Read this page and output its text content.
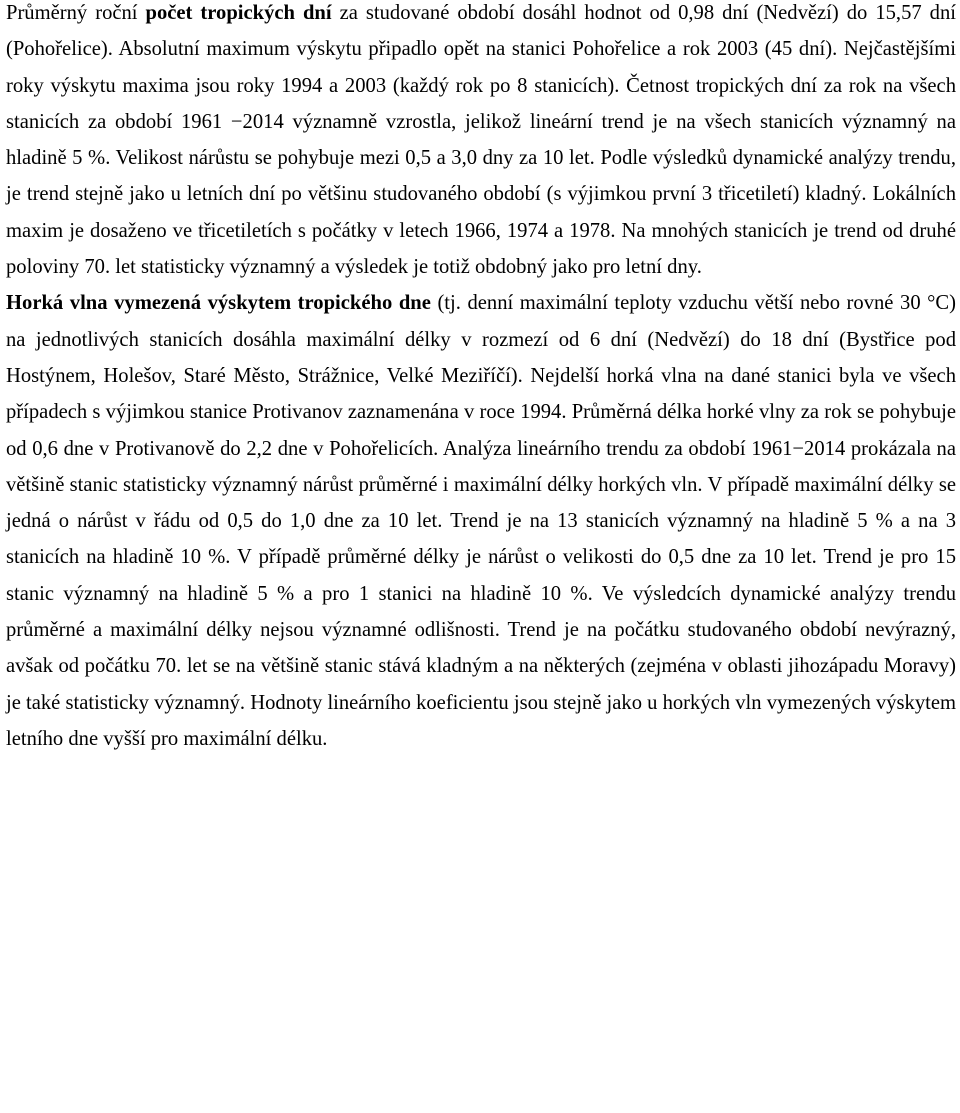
Průměrný roční počet tropických dní za studované období dosáhl hodnot od 0,98 dní (Nedvězí) do 15,57 dní (Pohořelice). Absolutní maximum výskytu připadlo opět na stanici Pohořelice a rok 2003 (45 dní). Nejčastějšími roky výskytu maxima jsou roky 1994 a 2003 (každý rok po 8 stanicích). Četnost tropických dní za rok na všech stanicích za období 1961 −2014 významně vzrostla, jelikož lineární trend je na všech stanicích významný na hladině 5 %. Velikost nárůstu se pohybuje mezi 0,5 a 3,0 dny za 10 let. Podle výsledků dynamické analýzy trendu, je trend stejně jako u letních dní po většinu studovaného období (s výjimkou první 3 třicetiletí) kladný. Lokálních maxim je dosaženo ve třicetiletích s počátky v letech 1966, 1974 a 1978. Na mnohých stanicích je trend od druhé poloviny 70. let statisticky významný a výsledek je totiž obdobný jako pro letní dny.

Horká vlna vymezená výskytem tropického dne (tj. denní maximální teploty vzduchu větší nebo rovné 30 °C) na jednotlivých stanicích dosáhla maximální délky v rozmezí od 6 dní (Nedvězí) do 18 dní (Bystřice pod Hostýnem, Holešov, Staré Město, Strážnice, Velké Meziříčí). Nejdelší horká vlna na dané stanici byla ve všech případech s výjimkou stanice Protivanov zaznamenána v roce 1994. Průměrná délka horké vlny za rok se pohybuje od 0,6 dne v Protivanově do 2,2 dne v Pohořelicích. Analýza lineárního trendu za období 1961−2014 prokázala na většině stanic statisticky významný nárůst průměrné i maximální délky horkých vln. V případě maximální délky se jedná o nárůst v řádu od 0,5 do 1,0 dne za 10 let. Trend je na 13 stanicích významný na hladině 5 % a na 3 stanicích na hladině 10 %. V případě průměrné délky je nárůst o velikosti do 0,5 dne za 10 let. Trend je pro 15 stanic významný na hladině 5 % a pro 1 stanici na hladině 10 %. Ve výsledcích dynamické analýzy trendu průměrné a maximální délky nejsou významné odlišnosti. Trend je na počátku studovaného období nevýrazný, avšak od počátku 70. let se na většině stanic stává kladným a na některých (zejména v oblasti jihozápadu Moravy) je také statisticky významný. Hodnoty lineárního koeficientu jsou stejně jako u horkých vln vymezených výskytem letního dne vyšší pro maximální délku.
